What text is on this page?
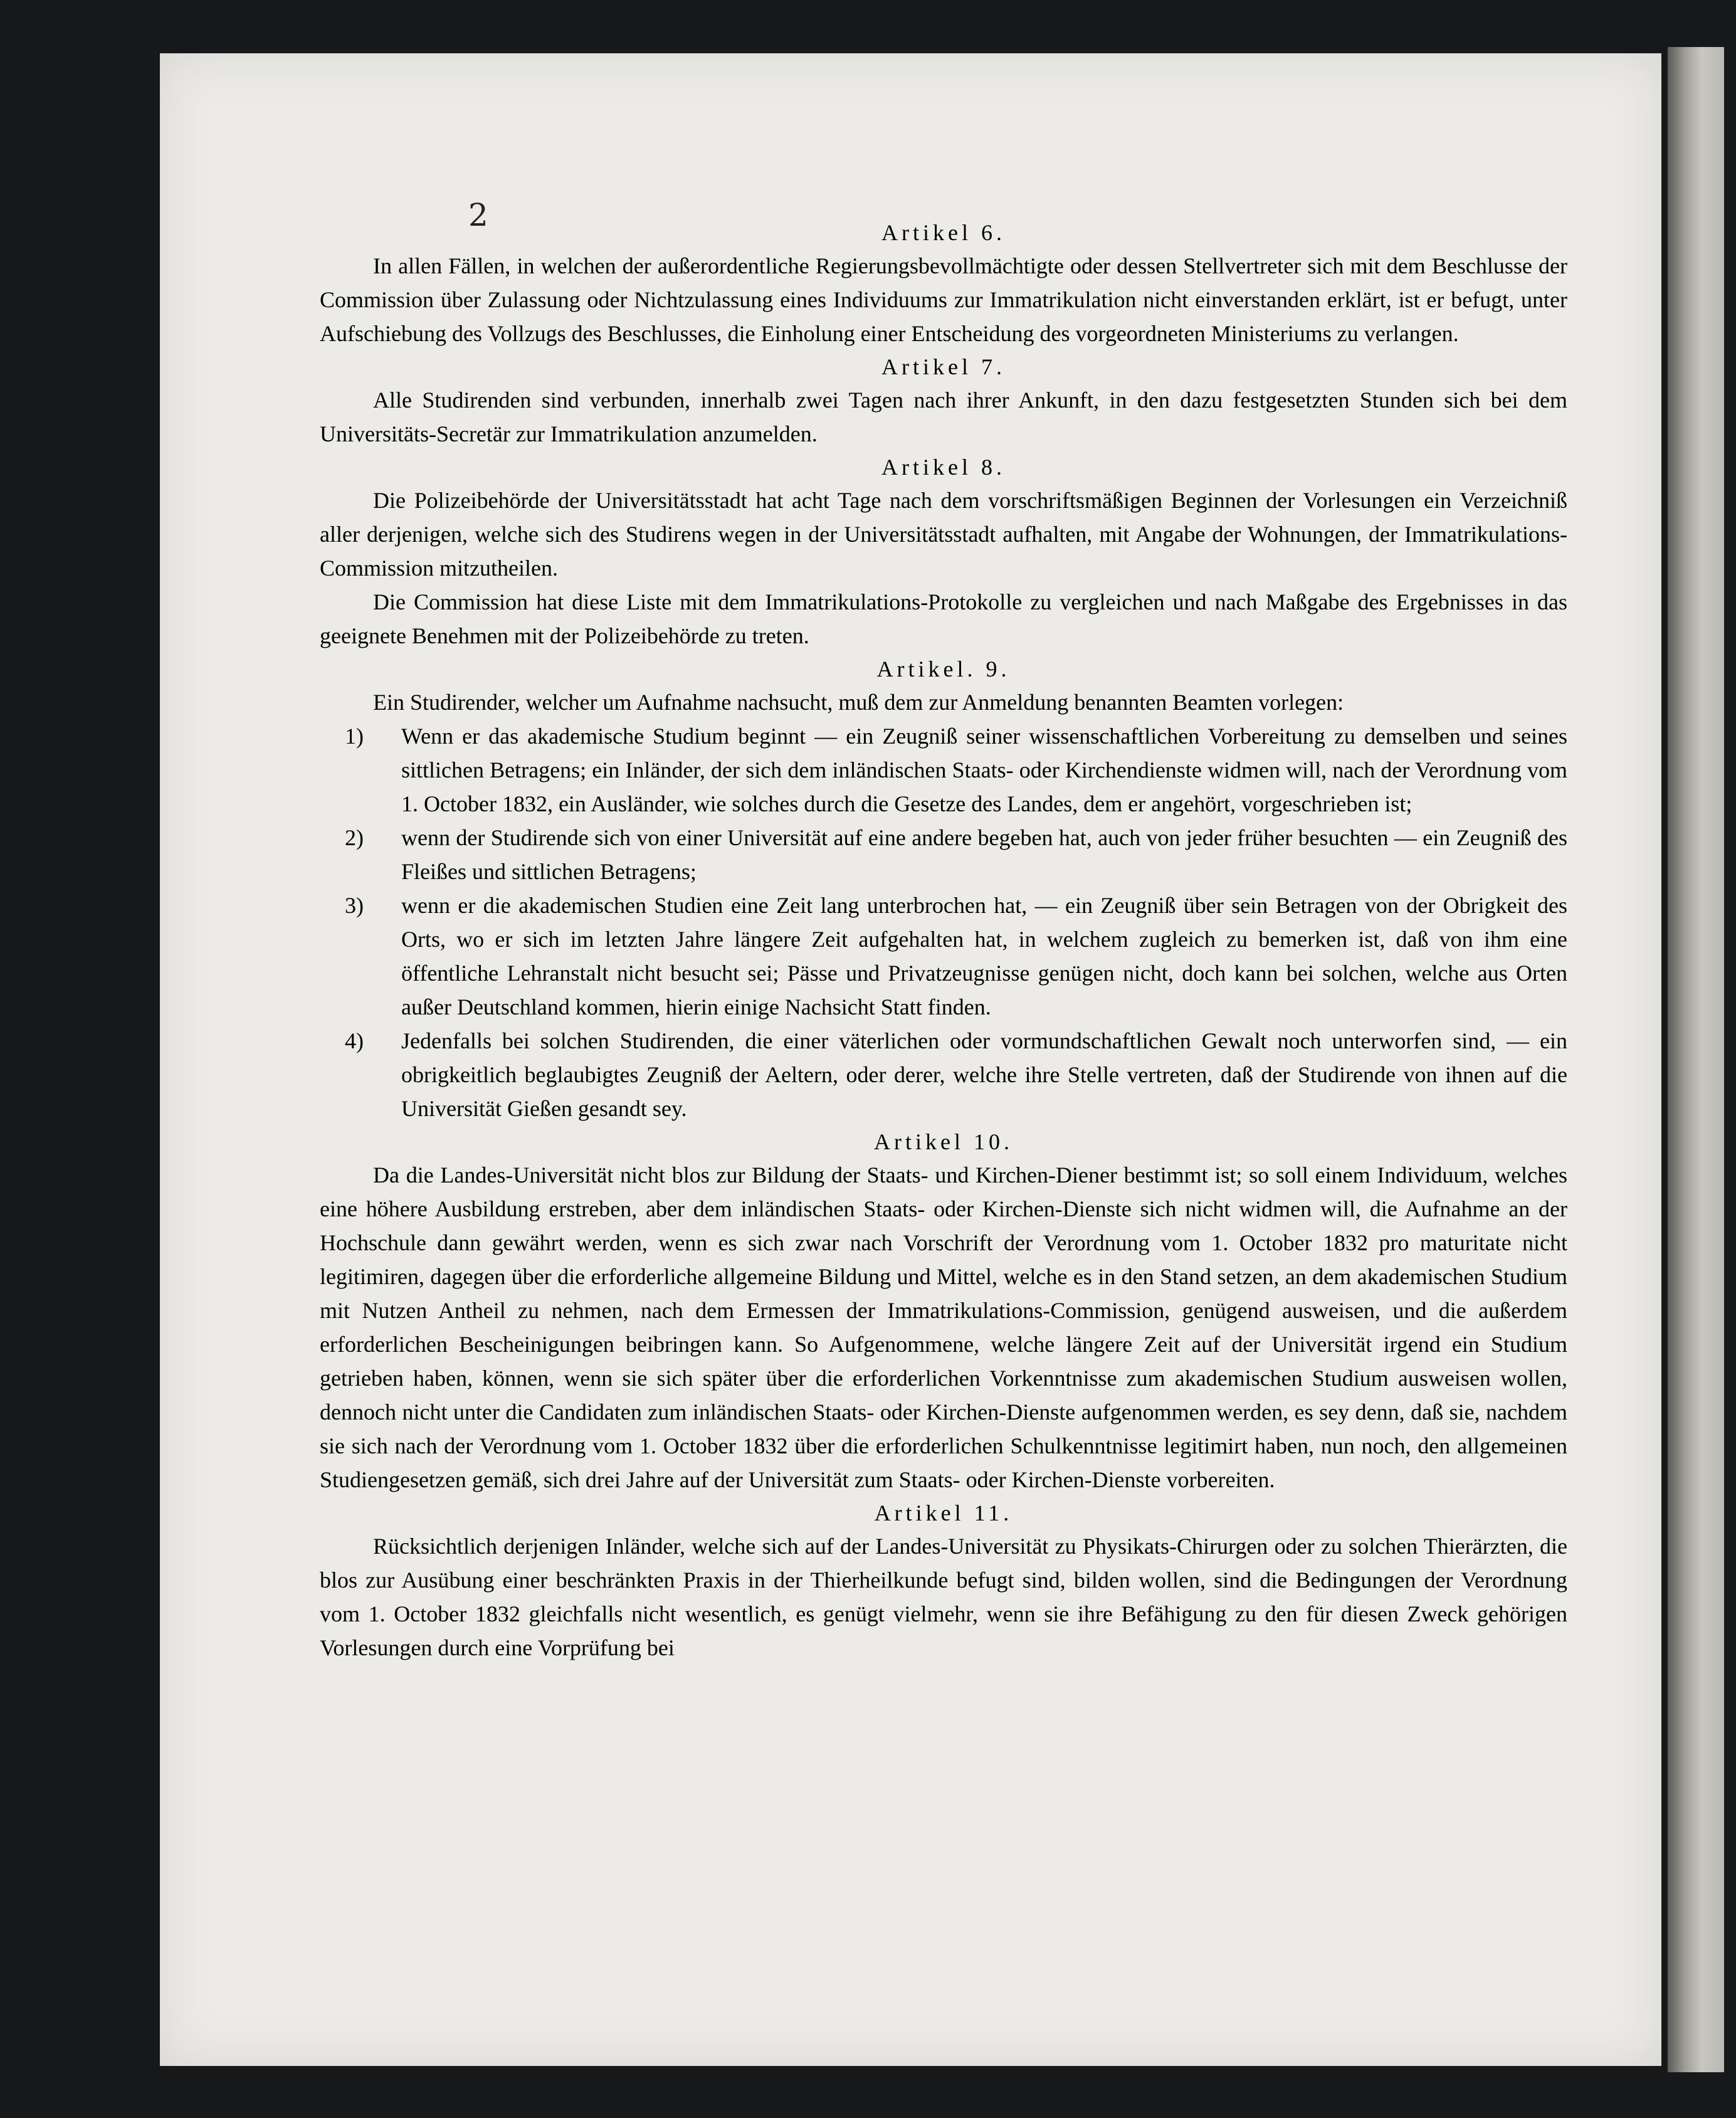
2	Artikel 6.

In allen Fällen, in welchen der außerordentliche Regierungsbevollmächtigte oder dessen Stellvertreter sich mit dem Beschlusse der Commission über Zulassung oder Nichtzulassung eines Individuums zur Immatrikulation nicht einverstanden erklärt, ist er befugt, unter Aufschiebung des Vollzugs des Beschlusses, die Einholung einer Entscheidung des vorgeordneten Ministeriums zu verlangen.

Artikel 7.

Alle Studirenden sind verbunden, innerhalb zwei Tagen nach ihrer Ankunft, in den dazu festgesetzten Stunden sich bei dem Universitäts-Secretär zur Immatrikulation anzumelden.

Artikel 8.

Die Polizeibehörde der Universitätsstadt hat acht Tage nach dem vorschriftsmäßigen Beginnen der Vorlesungen ein Verzeichniß aller derjenigen, welche sich des Studirens wegen in der Universitätsstadt aufhalten, mit Angabe der Wohnungen, der Immatrikulations-Commission mitzutheilen.

Die Commission hat diese Liste mit dem Immatrikulations-Protokolle zu vergleichen und nach Maßgabe des Ergebnisses in das geeignete Benehmen mit der Polizeibehörde zu treten.

Artikel. 9.

Ein Studirender, welcher um Aufnahme nachsucht, muß dem zur Anmeldung benannten Beamten vorlegen:

1) Wenn er das akademische Studium beginnt — ein Zeugniß seiner wissenschaftlichen Vorbereitung zu demselben und seines sittlichen Betragens; ein Inländer, der sich dem inländischen Staats- oder Kirchendienste widmen will, nach der Verordnung vom 1. October 1832, ein Ausländer, wie solches durch die Gesetze des Landes, dem er angehört, vorgeschrieben ist;
2) wenn der Studirende sich von einer Universität auf eine andere begeben hat, auch von jeder früher besuchten — ein Zeugniß des Fleißes und sittlichen Betragens;
3) wenn er die akademischen Studien eine Zeit lang unterbrochen hat, — ein Zeugniß über sein Betragen von der Obrigkeit des Orts, wo er sich im letzten Jahre längere Zeit aufgehalten hat, in welchem zugleich zu bemerken ist, daß von ihm eine öffentliche Lehranstalt nicht besucht sei; Pässe und Privatzeugnisse genügen nicht, doch kann bei solchen, welche aus Orten außer Deutschland kommen, hierin einige Nachsicht Statt finden.
4) Jedenfalls bei solchen Studirenden, die einer väterlichen oder vormundschaftlichen Gewalt noch unterworfen sind, — ein obrigkeitlich beglaubigtes Zeugniß der Aeltern, oder derer, welche ihre Stelle vertreten, daß der Studirende von ihnen auf die Universität Gießen gesandt sey.

Artikel 10.

Da die Landes-Universität nicht blos zur Bildung der Staats- und Kirchen-Diener bestimmt ist; so soll einem Individuum, welches eine höhere Ausbildung erstreben, aber dem inländischen Staats- oder Kirchen-Dienste sich nicht widmen will, die Aufnahme an der Hochschule dann gewährt werden, wenn es sich zwar nach Vorschrift der Verordnung vom 1. October 1832 pro maturitate nicht legitimiren, dagegen über die erforderliche allgemeine Bildung und Mittel, welche es in den Stand setzen, an dem akademischen Studium mit Nutzen Antheil zu nehmen, nach dem Ermessen der Immatrikulations-Commission, genügend ausweisen, und die außerdem erforderlichen Bescheinigungen beibringen kann. So Aufgenommene, welche längere Zeit auf der Universität irgend ein Studium getrieben haben, können, wenn sie sich später über die erforderlichen Vorkenntnisse zum akademischen Studium ausweisen wollen, dennoch nicht unter die Candidaten zum inländischen Staats- oder Kirchen-Dienste aufgenommen werden, es sey denn, daß sie, nachdem sie sich nach der Verordnung vom 1. October 1832 über die erforderlichen Schulkenntnisse legitimirt haben, nun noch, den allgemeinen Studiengesetzen gemäß, sich drei Jahre auf der Universität zum Staats- oder Kirchen-Dienste vorbereiten.

Artikel 11.

Rücksichtlich derjenigen Inländer, welche sich auf der Landes-Universität zu Physikats-Chirurgen oder zu solchen Thierärzten, die blos zur Ausübung einer beschränkten Praxis in der Thierheilkunde befugt sind, bilden wollen, sind die Bedingungen der Verordnung vom 1. October 1832 gleichfalls nicht wesentlich, es genügt vielmehr, wenn sie ihre Befähigung zu den für diesen Zweck gehörigen Vorlesungen durch eine Vorprüfung bei
